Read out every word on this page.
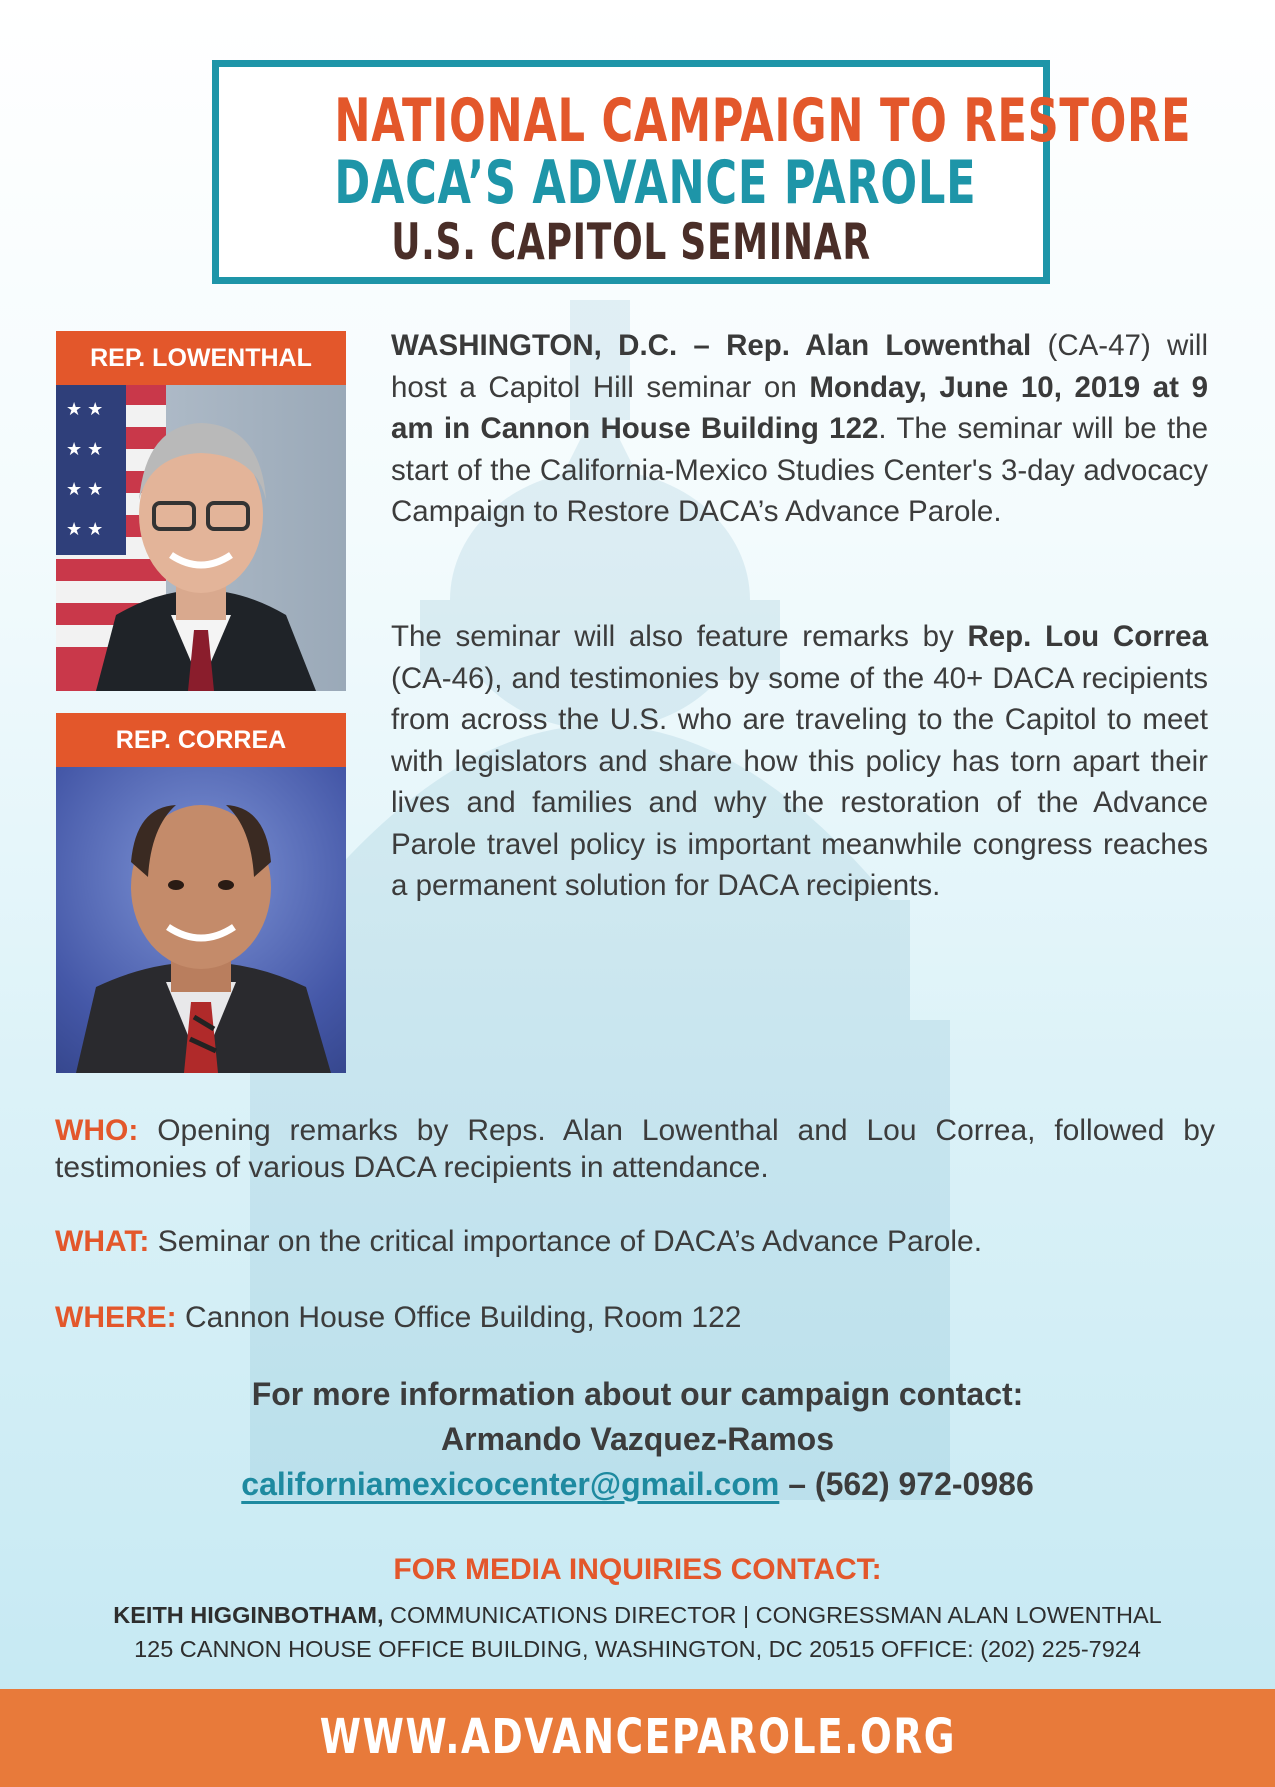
NATIONAL CAMPAIGN TO RESTORE
DACA’S ADVANCE PAROLE
U.S. CAPITOL SEMINAR
REP. LOWENTHAL
★ ★
★ ★
★ ★
★ ★
REP. CORREA
WASHINGTON, D.C. – Rep. Alan Lowenthal (CA-47) will host a Capitol Hill seminar on Monday, June 10, 2019 at 9 am in Cannon House Building 122. The seminar will be the start of the California-Mexico Studies Center's 3-day advocacy Campaign to Restore DACA’s Advance Parole.
The seminar will also feature remarks by Rep. Lou Correa (CA-46), and testimonies by some of the 40+ DACA recipients from across the U.S. who are traveling to the Capitol to meet with legislators and share how this policy has torn apart their lives and families and why the restoration of the Advance Parole travel policy is important meanwhile congress reaches a permanent solution for DACA recipients.
WHO: Opening remarks by Reps. Alan Lowenthal and Lou Correa, followed by testimonies of various DACA recipients in attendance.
WHAT: Seminar on the critical importance of DACA’s Advance Parole.
WHERE: Cannon House Office Building, Room 122
For more information about our campaign contact:
Armando Vazquez-Ramos
californiamexicocenter@gmail.com – (562) 972-0986
FOR MEDIA INQUIRIES CONTACT:
KEITH HIGGINBOTHAM, COMMUNICATIONS DIRECTOR | CONGRESSMAN ALAN LOWENTHAL
125 CANNON HOUSE OFFICE BUILDING, WASHINGTON, DC 20515 OFFICE: (202) 225-7924
WWW.ADVANCEPAROLE.ORG
